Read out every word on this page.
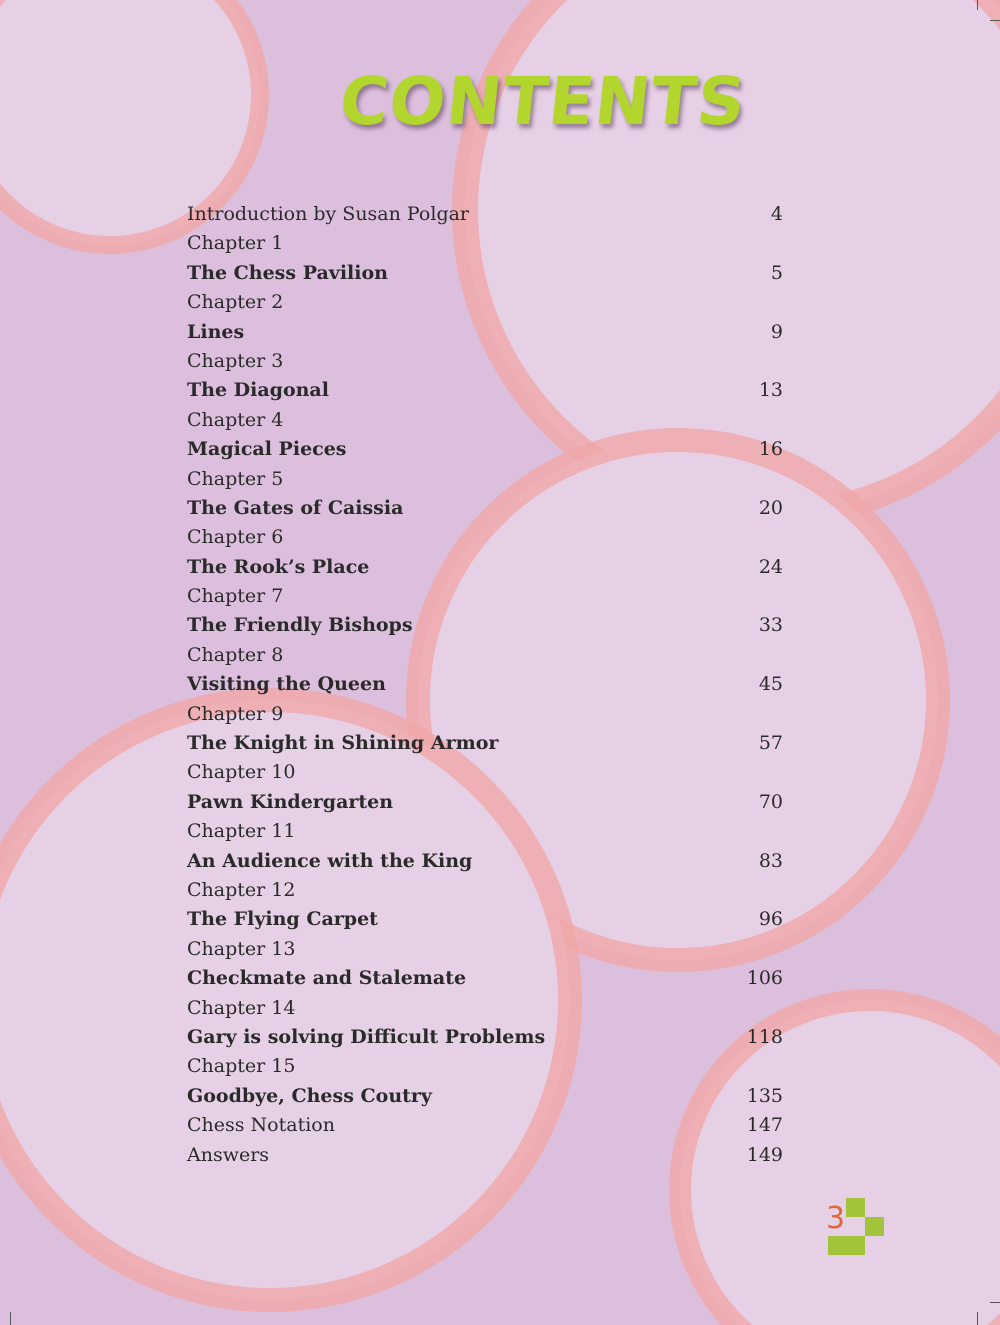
CONTENTS
Introduction by Susan Polgar	4
Chapter 1
The Chess Pavilion	5
Chapter 2
Lines	9
Chapter 3
The Diagonal	13
Chapter 4
Magical Pieces	16
Chapter 5
The Gates of Caissia	20
Chapter 6
The Rook’s Place	24
Chapter 7
The Friendly Bishops	33
Chapter 8
Visiting the Queen	45
Chapter 9
The Knight in Shining Armor	57
Chapter 10
Pawn Kindergarten	70
Chapter 11
An Audience with the King	83
Chapter 12
The Flying Carpet	96
Chapter 13
Checkmate and Stalemate	106
Chapter 14
Gary is solving Difficult Problems	118
Chapter 15
Goodbye, Chess Coutry	135
Chess Notation	147
Answers	149
3
